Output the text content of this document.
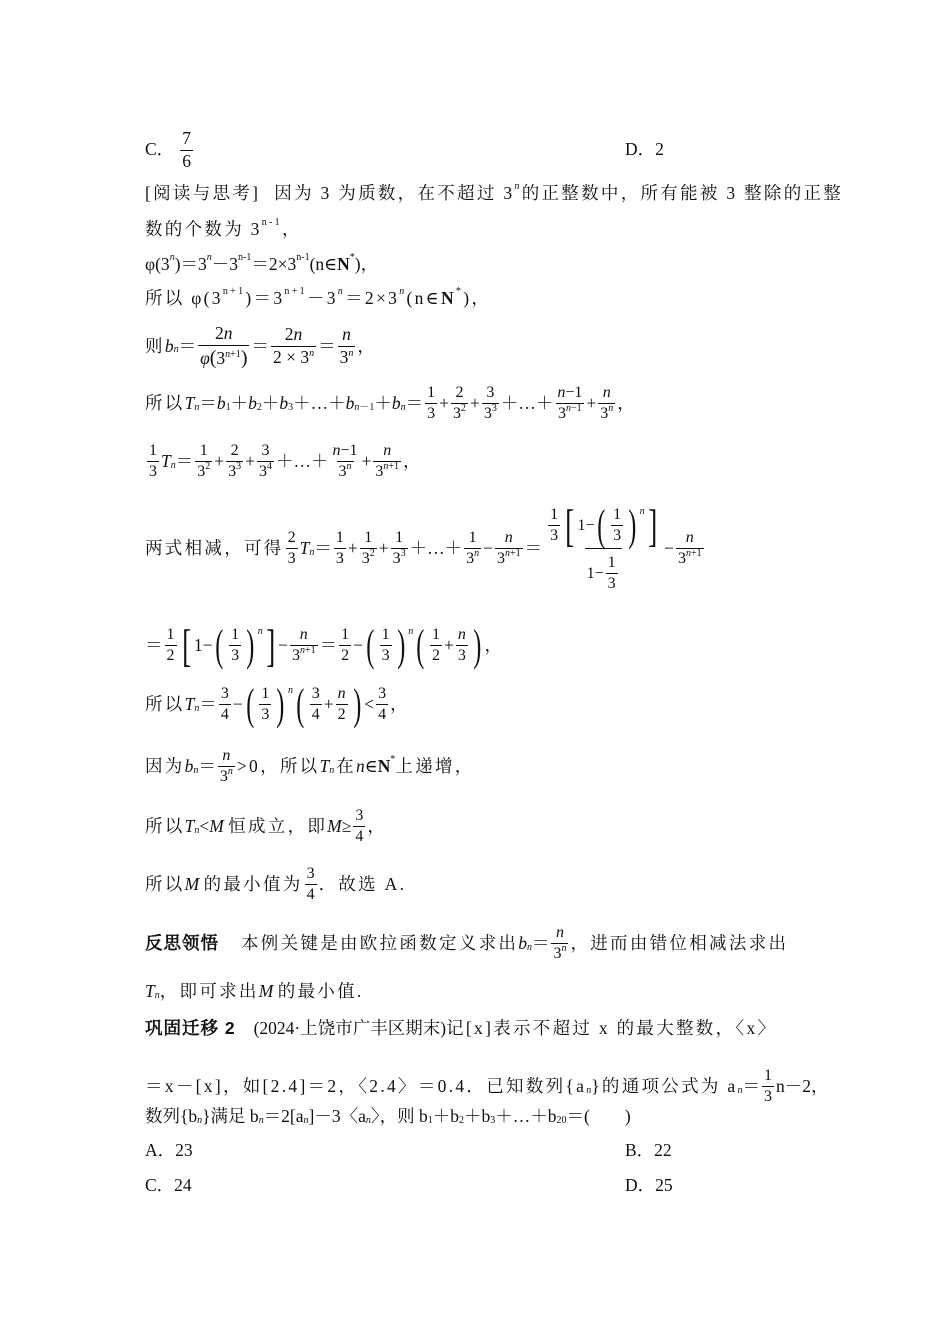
C．
7
6
D．2
[阅读与思考] 因为 3 为质数，在不超过 3$^n$ 的正整数中，所有能被 3 整除的正整
数的个数为 3$^{n-1}$ ，
φ(3$^n$ )$=3^n -3^{n-1} =2\times 3^{n-1}$ (n∈ N* )，
所以 $\varphi(3^{n+1}$ )$=3^{n+1} -3^n =2\times 3^n$ (n∈ N* )，
则 $b_n$ ＝
2n
$\varphi(3^{n+1})$
＝
2n
$2 \times 3^n$ ＝
n
3$^n$ ，
所以 $T_n = b_1 + b_2 + b_3$ ＋…＋ b $_{n-1} + b_n$ ＝
1
3
+
2
$3^2$ +
3
$3^3$ ＋…＋
n−1
$3^{n-1}$ +
n
3$^n$ ，
1
3
$T_n$ ＝
1
$3^2$ +
2
$3^3$ +
3
$3^4$ ＋…＋
n−1
$3^n$ +
n
$3^{n+1}$ ，
两式相减，可得
2
3
$T_n$ ＝
1
3
+
1
$3^2$ +
1
$3^3$ ＋…＋
1
$3^n$ −
n
$3^{n+1}$ ＝
1
3 [ 1− ( 1
3 ) $^n$ ]
1−
1
3
−
n
$3^{n+1}$
＝
1
2 [ 1− ( 1
3 ) $^n$ ] −
n
$3^{n+1}$ ＝
1
2
− ( 1
3 ) $^n$ ( 1
2
+
n
3 ) ，
所以 $T_n$ ＝
3
4
− ( 1
3 ) $^n$ ( 3
4
+
n
2 ) <
3
4
，
因为 $b_n$ ＝
n
$3^n >0$，所以 $T_n$ 在 n ∈ N* 上递增，
所以 $T_n < M$
恒成立，即 $M \ge \frac{3}{4}$ ，
所以 M
的最小值为
3
4
．故选 A.
反思领悟 本例关键是由欧拉函数定义求出 $b_n$ ＝
n
3$^n$ ，进而由错位相减法求出
$T_n$ ，即可求出 M
的最小值.
巩固迁移 2 (2024·上饶市广丰区期末) 记[x]表示不超过 x 的最大整数，〈x〉
＝x－[x]，如[2.4]＝2，〈2.4〉＝0.4．已知数列{$a_n$ }的通项公式为 $a_n$ ＝
1
3
n－2，
数列{$b_n$ }满足 $b_n =2[a_n$ ]－3〈$a_n$ 〉，则 $b_1 +b_2 +b_3$ $+\dots+b_{20}$ ＝(　　)
A．23	B．22
C．24	D．25
